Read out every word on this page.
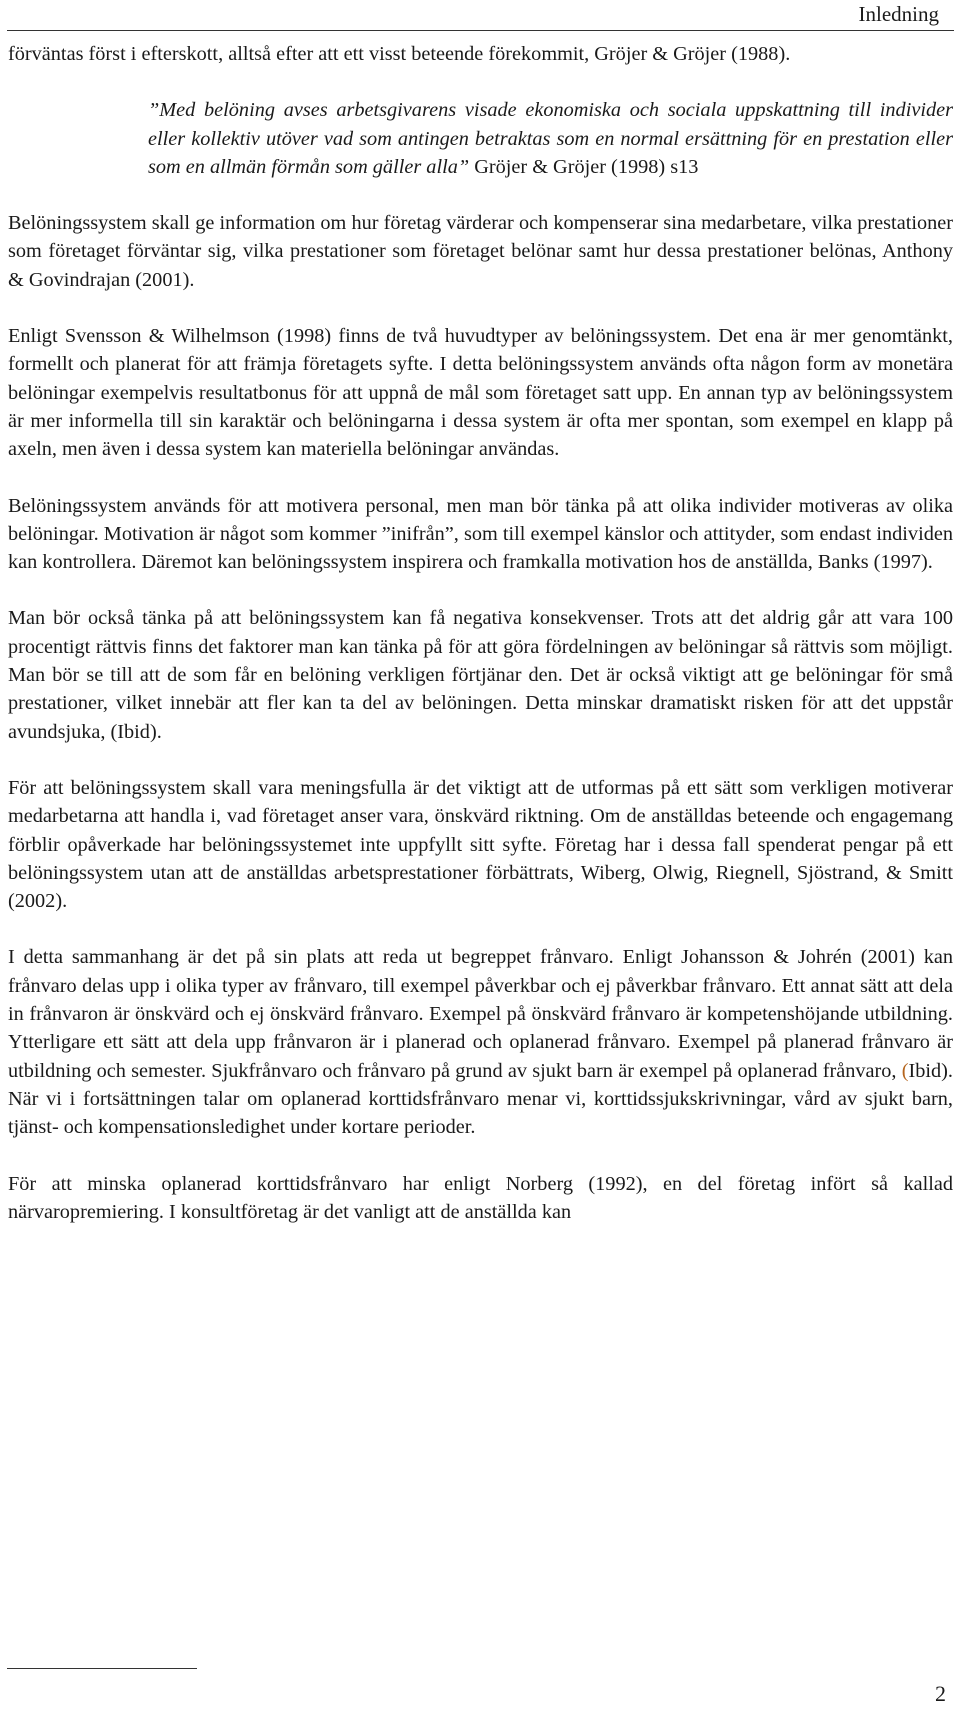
Inledning

förväntas först i efterskott, alltså efter att ett visst beteende förekommit, Gröjer & Gröjer (1988).

”Med belöning avses arbetsgivarens visade ekonomiska och sociala uppskattning till individer eller kollektiv utöver vad som antingen betraktas som en normal ersättning för en prestation eller som en allmän förmån som gäller alla” Gröjer & Gröjer (1998) s13

Belöningssystem skall ge information om hur företag värderar och kompenserar sina medarbetare, vilka prestationer som företaget förväntar sig, vilka prestationer som företaget belönar samt hur dessa prestationer belönas, Anthony & Govindrajan (2001).

Enligt Svensson & Wilhelmson (1998) finns de två huvudtyper av belöningssystem. Det ena är mer genomtänkt, formellt och planerat för att främja företagets syfte. I detta belöningssystem används ofta någon form av monetära belöningar exempelvis resultatbonus för att uppnå de mål som företaget satt upp. En annan typ av belöningssystem är mer informella till sin karaktär och belöningarna i dessa system är ofta mer spontan, som exempel en klapp på axeln, men även i dessa system kan materiella belöningar användas.

Belöningssystem används för att motivera personal, men man bör tänka på att olika individer motiveras av olika belöningar. Motivation är något som kommer ”inifrån”, som till exempel känslor och attityder, som endast individen kan kontrollera. Däremot kan belöningssystem inspirera och framkalla motivation hos de anställda, Banks (1997).

Man bör också tänka på att belöningssystem kan få negativa konsekvenser. Trots att det aldrig går att vara 100 procentigt rättvis finns det faktorer man kan tänka på för att göra fördelningen av belöningar så rättvis som möjligt. Man bör se till att de som får en belöning verkligen förtjänar den. Det är också viktigt att ge belöningar för små prestationer, vilket innebär att fler kan ta del av belöningen. Detta minskar dramatiskt risken för att det uppstår avundsjuka, (Ibid).

För att belöningssystem skall vara meningsfulla är det viktigt att de utformas på ett sätt som verkligen motiverar medarbetarna att handla i, vad företaget anser vara, önskvärd riktning. Om de anställdas beteende och engagemang förblir opåverkade har belöningssystemet inte uppfyllt sitt syfte. Företag har i dessa fall spenderat pengar på ett belöningssystem utan att de anställdas arbetsprestationer förbättrats, Wiberg, Olwig, Riegnell, Sjöstrand, & Smitt (2002).

I detta sammanhang är det på sin plats att reda ut begreppet frånvaro. Enligt Johansson & Johrén (2001) kan frånvaro delas upp i olika typer av frånvaro, till exempel påverkbar och ej påverkbar frånvaro. Ett annat sätt att dela in frånvaron är önskvärd och ej önskvärd frånvaro. Exempel på önskvärd frånvaro är kompetenshöjande utbildning. Ytterligare ett sätt att dela upp frånvaron är i planerad och oplanerad frånvaro. Exempel på planerad frånvaro är utbildning och semester. Sjukfrånvaro och frånvaro på grund av sjukt barn är exempel på oplanerad frånvaro, (Ibid). När vi i fortsättningen talar om oplanerad korttidsfrånvaro menar vi, korttidssjukskrivningar, vård av sjukt barn, tjänst- och kompensationsledighet under kortare perioder.

För att minska oplanerad korttidsfrånvaro har enligt Norberg (1992), en del företag infört så kallad närvaropremiering. I konsultföretag är det vanligt att de anställda kan

2
